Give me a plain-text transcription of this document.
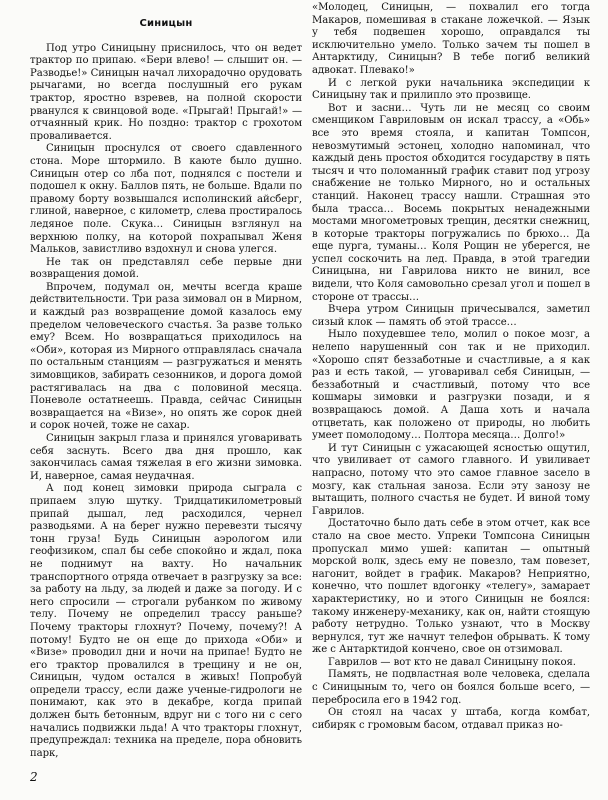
Синицын

Под утро Синицыну приснилось, что он ведет трактор по припаю. «Бери влево! — слышит он. — Разводье!» Синицын начал лихорадочно орудовать рычагами, но всегда послушный его рукам трактор, яростно взревев, на полной скорости рванулся к свинцовой воде. «Прыгай! Прыгай!» — отчаянный крик. Но поздно: трактор с грохотом проваливается.

Синицын проснулся от своего сдавленного стона. Море штормило. В каюте было душно. Синицын отер со лба пот, поднялся с постели и подошел к окну. Баллов пять, не больше. Вдали по правому борту возвышался исполинский айсберг, глиной, наверное, с километр, слева простиралось ледяное поле. Скука… Синицын взглянул на верхнюю полку, на которой похрапывал Женя Мальков, завистливо вздохнул и снова улегся.

Не так он представлял себе первые дни возвращения домой.

Впрочем, подумал он, мечты всегда краше действительности. Три раза зимовал он в Мирном, и каждый раз возвращение домой казалось ему пределом человеческого счастья. За разве только ему? Всем. Но возвращаться приходилось на «Оби», которая из Мирного отправлялась сначала по остальным станциям — разгружаться и менять зимовщиков, забирать сезонников, и дорога домой растягивалась на два с половиной месяца. Поневоле остатнеешь. Правда, сейчас Синицын возвращается на «Визе», но опять же сорок дней и сорок ночей, тоже не сахар.

Синицын закрыл глаза и принялся уговаривать себя заснуть. Всего два дня прошло, как закончилась самая тяжелая в его жизни зимовка. И, наверное, самая неудачная.

А под конец зимовки природа сыграла с припаем злую шутку. Тридцатикилометровый припай дышал, лед расходился, чернел разводьями. А на берег нужно перевезти тысячу тонн груза! Будь Синицын аэрологом или геофизиком, спал бы себе спокойно и ждал, пока не поднимут на вахту. Но начальник транспортного отряда отвечает в разгрузку за все: за работу на льду, за людей и даже за погоду. И с него спросили — строгали рубанком по живому телу. Почему не определил трассу раньше? Почему тракторы глохнут? Почему, почему?! А потому! Будто не он еще до прихода «Оби» и «Визе» проводил дни и ночи на припае! Будто не его трактор провалился в трещину и не он, Синицын, чудом остался в живых! Попробуй определи трассу, если даже ученые-гидрологи не понимают, как это в декабре, когда припай должен быть бетонным, вдруг ни с того ни с сего начались подвижки льда! А что тракторы глохнут, предупреждал: техника на пределе, пора обновить парк,

«Молодец, Синицын, — похвалил его тогда Макаров, помешивая в стакане ложечкой. — Язык у тебя подвешен хорошо, оправдался ты исключительно умело. Только зачем ты пошел в Антарктиду, Синицын? В тебе погиб великий адвокат. Плевако!»

И с легкой руки начальника экспедиции к Синицыну так и прилипло это прозвище.

Вот и засни… Чуть ли не месяц со своим сменщиком Гавриловым он искал трассу, а «Обь» все это время стояла, и капитан Томпсон, невозмутимый эстонец, холодно напоминал, что каждый день простоя обходится государству в пять тысяч и что поломанный график ставит под угрозу снабжение не только Мирного, но и остальных станций. Наконец трассу нашли. Страшная это была трасса… Восемь покрытых ненадежными мостами многометровых трещин, десятки снежниц, в которые тракторы погружались по брюхо… Да еще пурга, туманы… Коля Рощин не уберегся, не успел соскочить на лед. Правда, в этой трагедии Синицына, ни Гаврилова никто не винил, все видели, что Коля самовольно срезал угол и пошел в стороне от трассы…

Вчера утром Синицын причесывался, заметил сизый клок — память об этой трассе…

Ныло похудевшее тело, молил о покое мозг, а нелепо нарушенный сон так и не приходил. «Хорошо спят беззаботные и счастливые, а я как раз и есть такой, — уговаривал себя Синицын, — беззаботный и счастливый, потому что все кошмары зимовки и разгрузки позади, и я возвращаюсь домой. А Даша хоть и начала отцветать, как положено от природы, но любить умеет помолодому… Полтора месяца… Долго!»

И тут Синицын с ужасающей ясностью ощутил, что увиливает от самого главного. И увиливает напрасно, потому что это самое главное засело в мозгу, как стальная заноза. Если эту занозу не вытащить, полного счастья не будет. И виной тому Гаврилов.

Достаточно было дать себе в этом отчет, как все стало на свое место. Упреки Томпсона Синицын пропускал мимо ушей: капитан — опытный морской волк, здесь ему не повезло, там повезет, нагонит, войдет в график. Макаров? Неприятно, конечно, что пошлет вдогонку «телегу», замарает характеристику, но и этого Синицын не боялся: такому инженеру-механику, как он, найти стоящую работу нетрудно. Только узнают, что в Москву вернулся, тут же начнут телефон обрывать. К тому же с Антарктидой кончено, свое он отзимовал.

Гаврилов — вот кто не давал Синицыну покоя.

Память, не подвластная воле человека, сделала с Синицыным то, чего он боялся больше всего, — перебросила его в 1942 год.

Он стоял на часах у штаба, когда комбат, сибиряк с громовым басом, отдавал приказ но-

2
